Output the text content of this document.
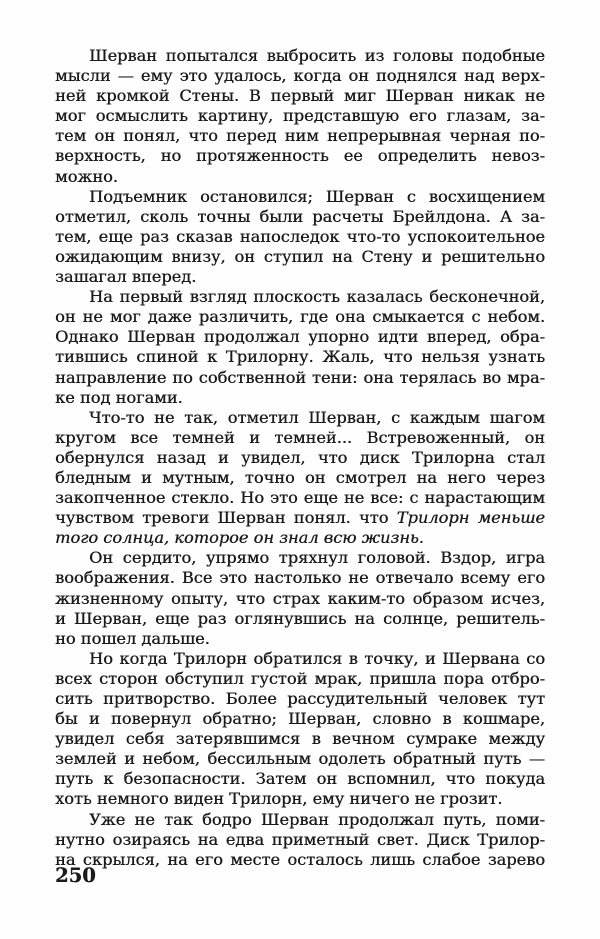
Шерван попытался выбросить из головы подобные
мысли — ему это удалось, когда он поднялся над верх-
ней кромкой Стены. В первый миг Шерван никак не
мог осмыслить картину, представшую его глазам, за-
тем он понял, что перед ним непрерывная черная по-
верхность, но протяженность ее определить невоз-
можно.

Подъемник остановился; Шерван с восхищением
отметил, сколь точны были расчеты Брейлдона. А за-
тем, еще раз сказав напоследок что-то успокоительное
ожидающим внизу, он ступил на Стену и решительно
зашагал вперед.

На первый взгляд плоскость казалась бесконечной,
он не мог даже различить, где она смыкается с небом.
Однако Шерван продолжал упорно идти вперед, обра-
тившись спиной к Трилорну. Жаль, что нельзя узнать
направление по собственной тени: она терялась во мра-
ке под ногами.

Что-то не так, отметил Шерван, с каждым шагом
кругом все темней и темней... Встревоженный, он
обернулся назад и увидел, что диск Трилорна стал
бледным и мутным, точно он смотрел на него через
закопченное стекло. Но это еще не все: с нарастающим
чувством тревоги Шерван понял. что Трилорн меньше
того солнца, которое он знал всю жизнь.

Он сердито, упрямо тряхнул головой. Вздор, игра
воображения. Все это настолько не отвечало всему его
жизненному опыту, что страх каким-то образом исчез,
и Шерван, еще раз оглянувшись на солнце, решитель-
но пошел дальше.

Но когда Трилорн обратился в точку, и Шервана со
всех сторон обступил густой мрак, пришла пора отбро-
сить притворство. Более рассудительный человек тут
бы и повернул обратно; Шерван, словно в кошмаре,
увидел себя затерявшимся в вечном сумраке между
землей и небом, бессильным одолеть обратный путь —
путь к безопасности. Затем он вспомнил, что покуда
хоть немного виден Трилорн, ему ничего не грозит.

Уже не так бодро Шерван продолжал путь, поми-
нутно озираясь на едва приметный свет. Диск Трилор-
на скрылся, на его месте осталось лишь слабое зарево

250
